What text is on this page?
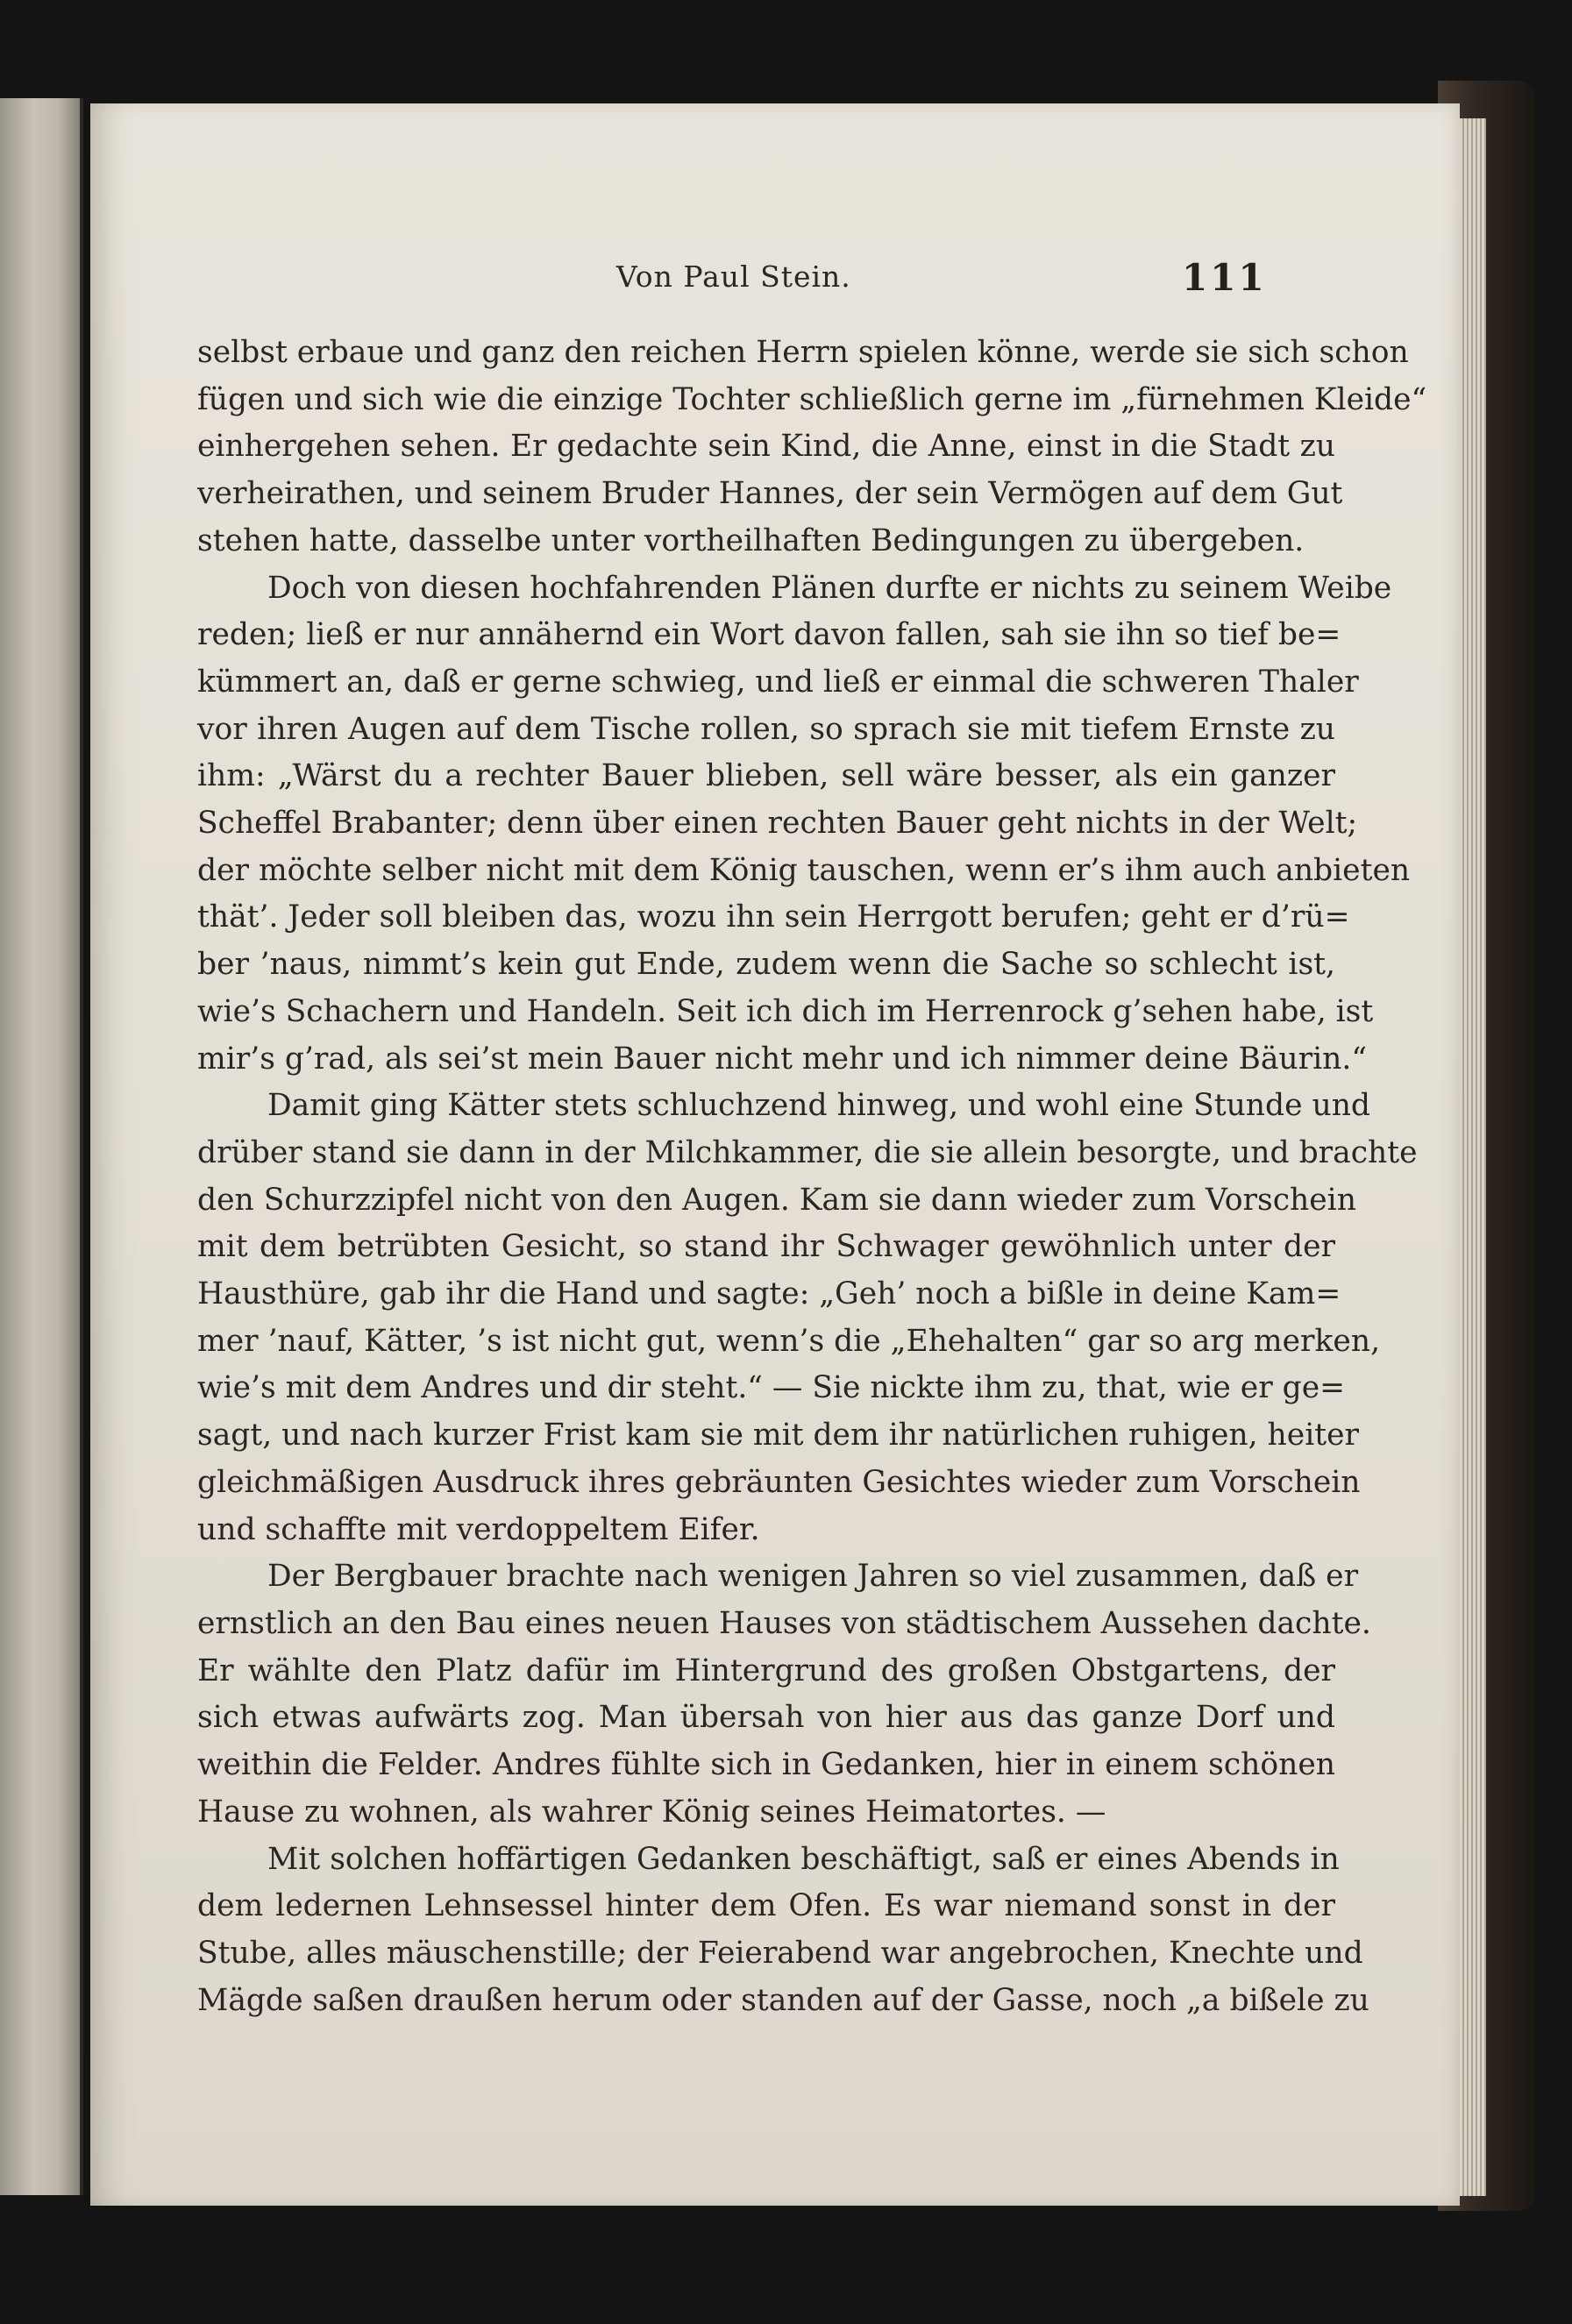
Von Paul Stein.	111

selbst erbaue und ganz den reichen Herrn spielen könne, werde sie sich schon

fügen und sich wie die einzige Tochter schließlich gerne im „fürnehmen Kleide“

einhergehen sehen. Er gedachte sein Kind, die Anne, einst in die Stadt zu

verheirathen, und seinem Bruder Hannes, der sein Vermögen auf dem Gut

stehen hatte, dasselbe unter vortheilhaften Bedingungen zu übergeben.

Doch von diesen hochfahrenden Plänen durfte er nichts zu seinem Weibe

reden; ließ er nur annähernd ein Wort davon fallen, sah sie ihn so tief be=

kümmert an, daß er gerne schwieg, und ließ er einmal die schweren Thaler

vor ihren Augen auf dem Tische rollen, so sprach sie mit tiefem Ernste zu

ihm: „Wärst du a rechter Bauer blieben, sell wäre besser, als ein ganzer

Scheffel Brabanter; denn über einen rechten Bauer geht nichts in der Welt;

der möchte selber nicht mit dem König tauschen, wenn er’s ihm auch anbieten

thät’. Jeder soll bleiben das, wozu ihn sein Herrgott berufen; geht er d’rü=

ber ’naus, nimmt’s kein gut Ende, zudem wenn die Sache so schlecht ist,

wie’s Schachern und Handeln. Seit ich dich im Herrenrock g’sehen habe, ist

mir’s g’rad, als sei’st mein Bauer nicht mehr und ich nimmer deine Bäurin.“

Damit ging Kätter stets schluchzend hinweg, und wohl eine Stunde und

drüber stand sie dann in der Milchkammer, die sie allein besorgte, und brachte

den Schurzzipfel nicht von den Augen. Kam sie dann wieder zum Vorschein

mit dem betrübten Gesicht, so stand ihr Schwager gewöhnlich unter der

Hausthüre, gab ihr die Hand und sagte: „Geh’ noch a bißle in deine Kam=

mer ’nauf, Kätter, ’s ist nicht gut, wenn’s die „Ehehalten“ gar so arg merken,

wie’s mit dem Andres und dir steht.“ — Sie nickte ihm zu, that, wie er ge=

sagt, und nach kurzer Frist kam sie mit dem ihr natürlichen ruhigen, heiter

gleichmäßigen Ausdruck ihres gebräunten Gesichtes wieder zum Vorschein

und schaffte mit verdoppeltem Eifer.

Der Bergbauer brachte nach wenigen Jahren so viel zusammen, daß er

ernstlich an den Bau eines neuen Hauses von städtischem Aussehen dachte.

Er wählte den Platz dafür im Hintergrund des großen Obstgartens, der

sich etwas aufwärts zog. Man übersah von hier aus das ganze Dorf und

weithin die Felder. Andres fühlte sich in Gedanken, hier in einem schönen

Hause zu wohnen, als wahrer König seines Heimatortes. —

Mit solchen hoffärtigen Gedanken beschäftigt, saß er eines Abends in

dem ledernen Lehnsessel hinter dem Ofen. Es war niemand sonst in der

Stube, alles mäuschenstille; der Feierabend war angebrochen, Knechte und

Mägde saßen draußen herum oder standen auf der Gasse, noch „a bißele zu
